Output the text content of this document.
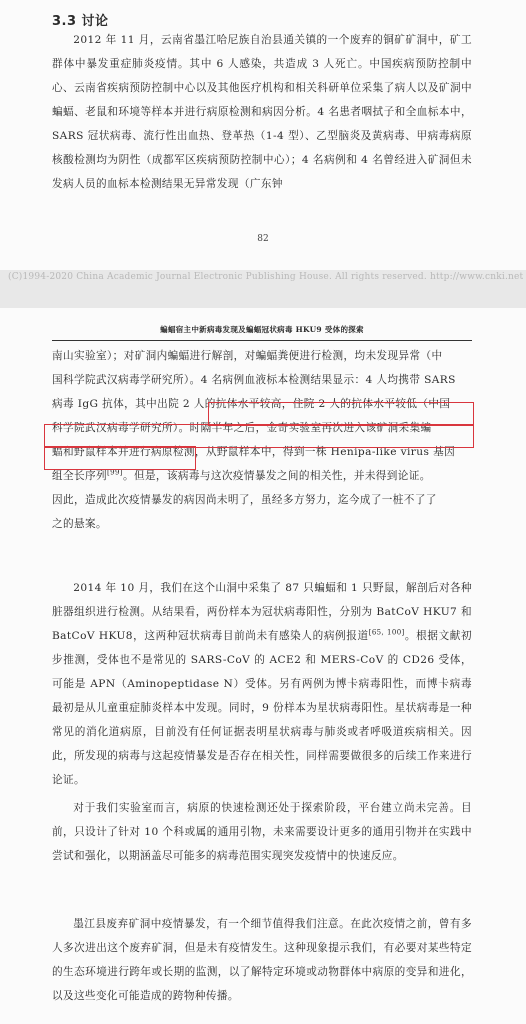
3.3 讨论

2012 年 11 月，云南省墨江哈尼族自治县通关镇的一个废弃的铜矿矿洞中，矿工群体中暴发重症肺炎疫情。其中 6 人感染，共造成 3 人死亡。中国疾病预防控制中心、云南省疾病预防控制中心以及其他医疗机构和相关科研单位采集了病人以及矿洞中蝙蝠、老鼠和环境等样本并进行病原检测和病因分析。4 名患者咽拭子和全血标本中，SARS 冠状病毒、流行性出血热、登革热（1-4 型）、乙型脑炎及黄病毒、甲病毒病原核酸检测均为阴性（成都军区疾病预防控制中心）；4 名病例和 4 名曾经进入矿洞但未发病人员的血标本检测结果无异常发现（广东钟

82
(C)1994-2020 China Academic Journal Electronic Publishing House. All rights reserved. http://www.cnki.net
蝙蝠宿主中新病毒发现及蝙蝠冠状病毒 HKU9 受体的探索
南山实验室）；对矿洞内蝙蝠进行解剖，对蝙蝠粪便进行检测，均未发现异常（中
国科学院武汉病毒学研究所）。4 名病例血液标本检测结果显示：4 人均携带 SARS
病毒 IgG 抗体，其中出院 2 人的抗体水平较高，住院 2 人的抗体水平较低（中国
科学院武汉病毒学研究所）。时隔半年之后，金奇实验室再次进入该矿洞采集蝙
蝠和野鼠样本并进行病原检测，从野鼠样本中，得到一株 Henipa-like virus 基因
组全长序列[99]。但是，该病毒与这次疫情暴发之间的相关性，并未得到论证。
因此，造成此次疫情暴发的病因尚未明了，虽经多方努力，迄今成了一桩不了了
之的悬案。

2014 年 10 月，我们在这个山洞中采集了 87 只蝙蝠和 1 只野鼠，解剖后对各种脏器组织进行检测。从结果看，两份样本为冠状病毒阳性，分别为 BatCoV HKU7 和 BatCoV HKU8，这两种冠状病毒目前尚未有感染人的病例报道[65, 100]。根据文献初步推测，受体也不是常见的 SARS-CoV 的 ACE2 和 MERS-CoV 的 CD26 受体，可能是 APN（Aminopeptidase N）受体。另有两例为博卡病毒阳性，而博卡病毒最初是从儿童重症肺炎样本中发现。同时，9 份样本为星状病毒阳性。星状病毒是一种常见的消化道病原，目前没有任何证据表明星状病毒与肺炎或者呼吸道疾病相关。因此，所发现的病毒与这起疫情暴发是否存在相关性，同样需要做很多的后续工作来进行论证。

对于我们实验室而言，病原的快速检测还处于探索阶段，平台建立尚未完善。目前，只设计了针对 10 个科或属的通用引物，未来需要设计更多的通用引物并在实践中尝试和强化，以期涵盖尽可能多的病毒范围实现突发疫情中的快速反应。

墨江县废弃矿洞中疫情暴发，有一个细节值得我们注意。在此次疫情之前，曾有多人多次进出这个废弃矿洞，但是未有疫情发生。这种现象提示我们，有必要对某些特定的生态环境进行跨年或长期的监测，以了解特定环境或动物群体中病原的变异和进化，以及这些变化可能造成的跨物种传播。
